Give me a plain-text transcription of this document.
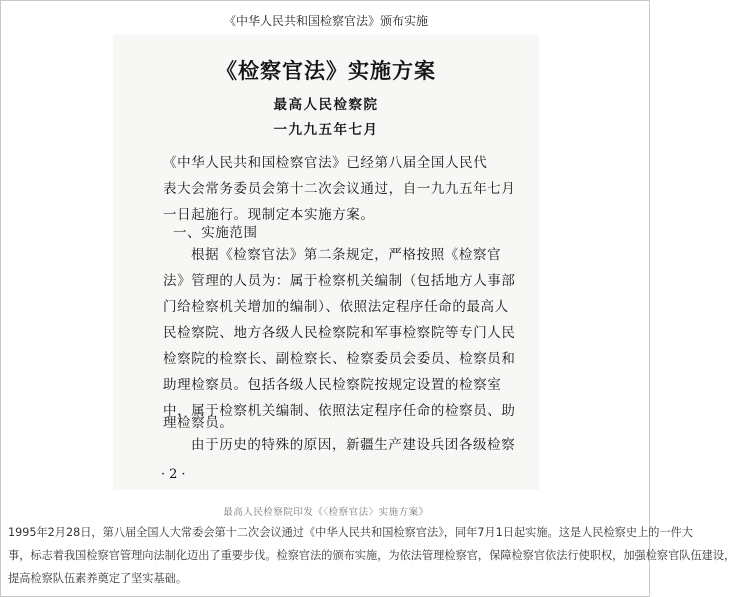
《中华人民共和国检察官法》颁布实施
《检察官法》实施方案
最高人民检察院
一九九五年七月
《中华人民共和国检察官法》已经第八届全国人民代
表大会常务委员会第十二次会议通过，自一九九五年七月
一日起施行。现制定本实施方案。
一、实施范围
根据《检察官法》第二条规定，严格按照《检察官
法》管理的人员为：属于检察机关编制（包括地方人事部
门给检察机关增加的编制）、依照法定程序任命的最高人
民检察院、地方各级人民检察院和军事检察院等专门人民
检察院的检察长、副检察长、检察委员会委员、检察员和
助理检察员。包括各级人民检察院按规定设置的检察室
中，属于检察机关编制、依照法定程序任命的检察员、助
理检察员。
由于历史的特殊的原因，新疆生产建设兵团各级检察
·2·
最高人民检察院印发《〈检察官法〉实施方案》
1995年2月28日，第八届全国人大常委会第十二次会议通过《中华人民共和国检察官法》，同年7月1日起实施。这是人民检察史上的一件大
事，标志着我国检察官管理向法制化迈出了重要步伐。检察官法的颁布实施，为依法管理检察官，保障检察官依法行使职权，加强检察官队伍建设，
提高检察队伍素养奠定了坚实基础。
